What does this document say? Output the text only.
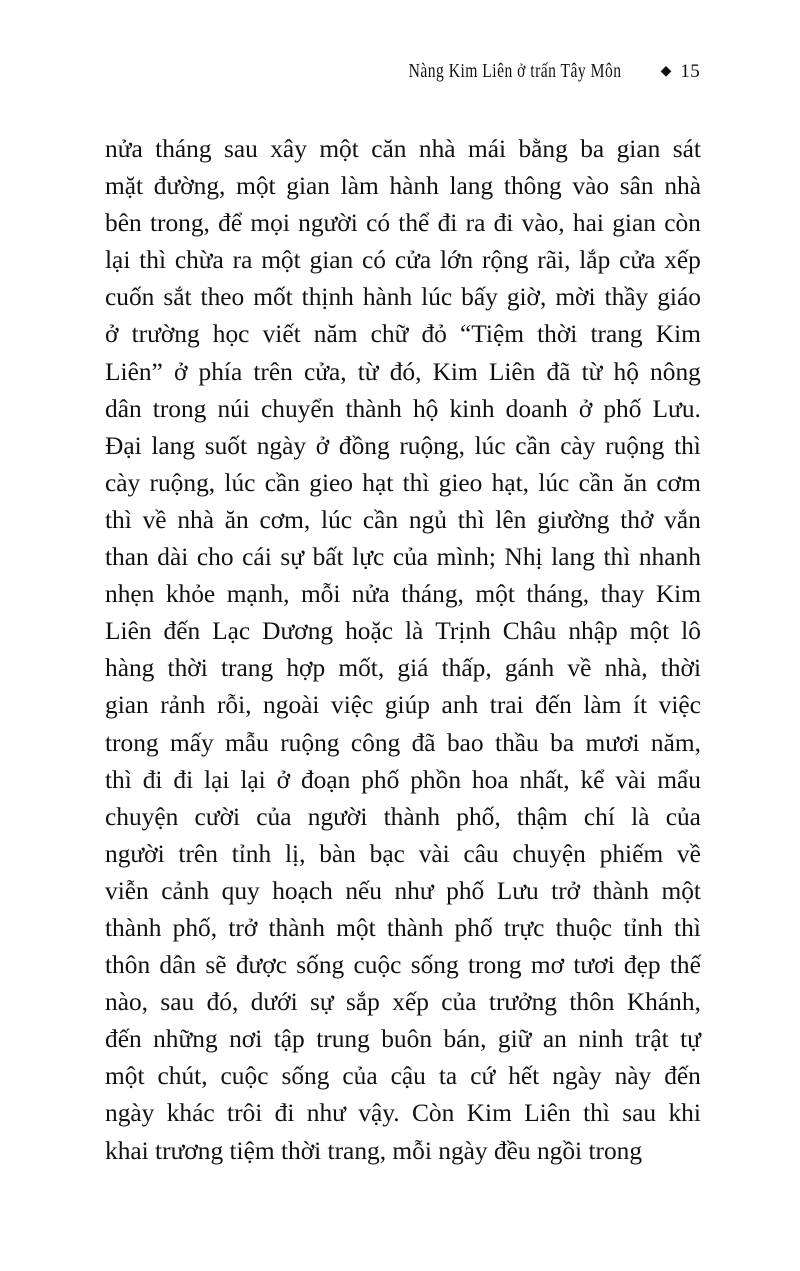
Nàng Kim Liên ở trấn Tây Môn	◆ 15
nửa tháng sau xây một căn nhà mái bằng ba gian sát
mặt đường, một gian làm hành lang thông vào sân nhà
bên trong, để mọi người có thể đi ra đi vào, hai gian còn
lại thì chừa ra một gian có cửa lớn rộng rãi, lắp cửa xếp
cuốn sắt theo mốt thịnh hành lúc bấy giờ, mời thầy giáo
ở trường học viết năm chữ đỏ “Tiệm thời trang Kim
Liên” ở phía trên cửa, từ đó, Kim Liên đã từ hộ nông
dân trong núi chuyển thành hộ kinh doanh ở phố Lưu.
Đại lang suốt ngày ở đồng ruộng, lúc cần cày ruộng thì
cày ruộng, lúc cần gieo hạt thì gieo hạt, lúc cần ăn cơm
thì về nhà ăn cơm, lúc cần ngủ thì lên giường thở vắn
than dài cho cái sự bất lực của mình; Nhị lang thì nhanh
nhẹn khỏe mạnh, mỗi nửa tháng, một tháng, thay Kim
Liên đến Lạc Dương hoặc là Trịnh Châu nhập một lô
hàng thời trang hợp mốt, giá thấp, gánh về nhà, thời
gian rảnh rỗi, ngoài việc giúp anh trai đến làm ít việc
trong mấy mẫu ruộng công đã bao thầu ba mươi năm,
thì đi đi lại lại ở đoạn phố phồn hoa nhất, kể vài mẩu
chuyện cười của người thành phố, thậm chí là của
người trên tỉnh lị, bàn bạc vài câu chuyện phiếm về
viễn cảnh quy hoạch nếu như phố Lưu trở thành một
thành phố, trở thành một thành phố trực thuộc tỉnh thì
thôn dân sẽ được sống cuộc sống trong mơ tươi đẹp thế
nào, sau đó, dưới sự sắp xếp của trưởng thôn Khánh,
đến những nơi tập trung buôn bán, giữ an ninh trật tự
một chút, cuộc sống của cậu ta cứ hết ngày này đến
ngày khác trôi đi như vậy. Còn Kim Liên thì sau khi
khai trương tiệm thời trang, mỗi ngày đều ngồi trong
